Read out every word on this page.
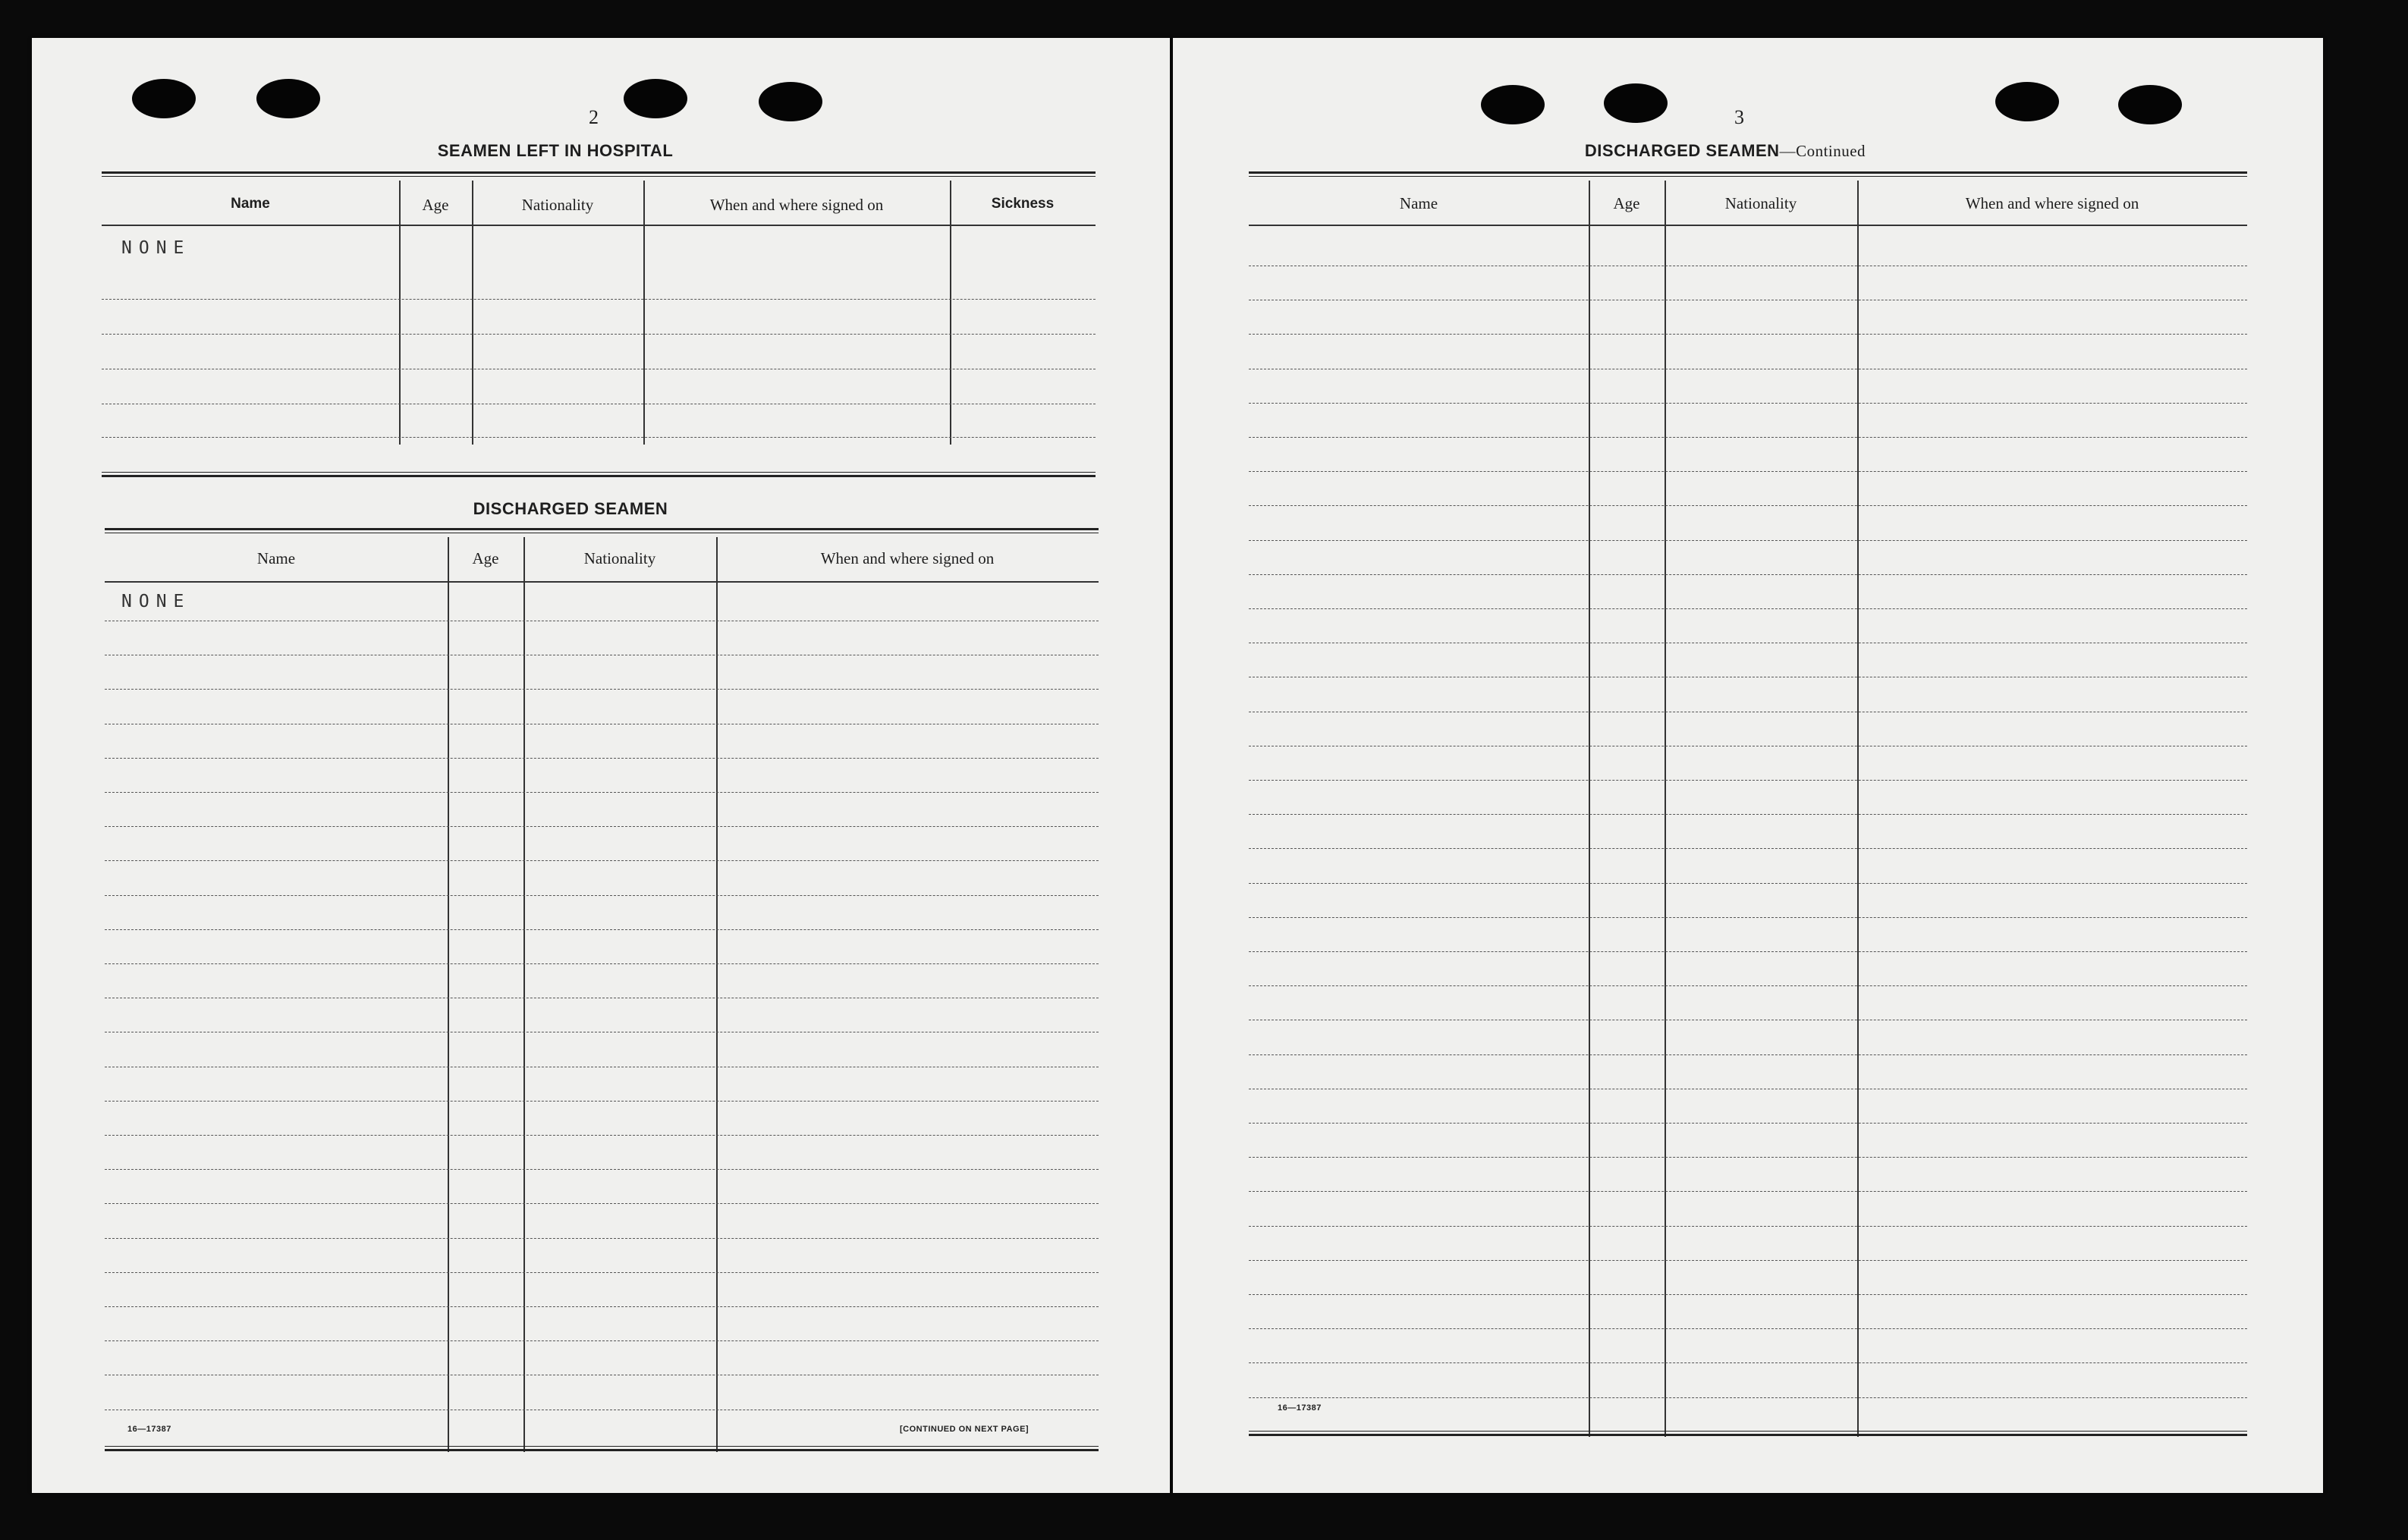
2
SEAMEN LEFT IN HOSPITAL
Name	Age	Nationality	When and where signed on	Sickness
NONE
DISCHARGED SEAMEN
Name	Age	Nationality	When and where signed on
NONE
16—17387	[CONTINUED ON NEXT PAGE]
3
DISCHARGED SEAMEN—Continued
Name	Age	Nationality	When and where signed on
16—17387
